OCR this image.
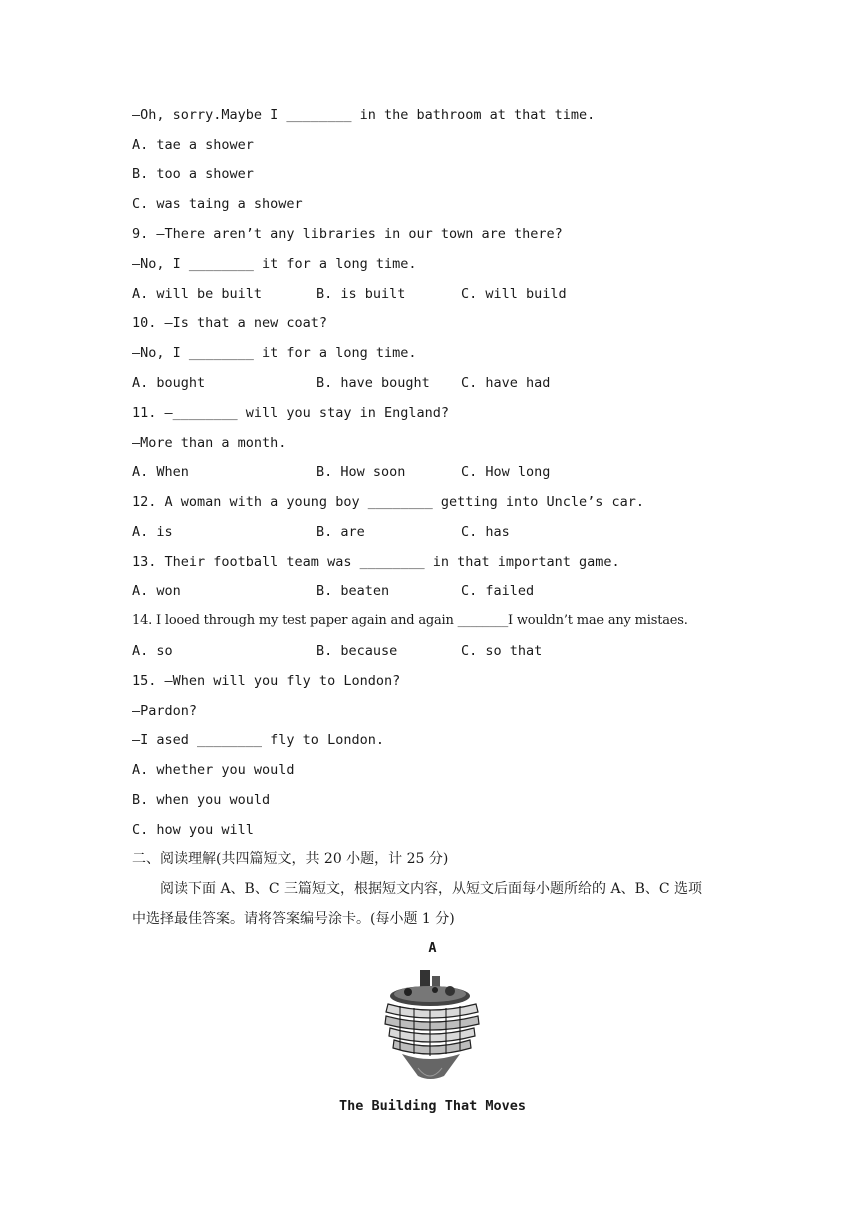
—Oh, sorry.Maybe I ________ in the bathroom at that time.
A. tae a shower
B. too a shower
C. was taing a shower
9. —There aren’t any libraries in our town are there?
—No, I ________ it for a long time.
A. will be built	B. is built	C. will build
10. —Is that a new coat?
—No, I ________ it for a long time.
A. bought	B. have bought C. have had
11. —________ will you stay in England?
—More than a month.
A. When	B. How soon	C. How long
12. A woman with a young boy ________ getting into Uncle’s car.
A. is	B. are	C. has
13. Their football team was ________ in that important game.
A. won	B. beaten	C. failed
14. I looed through my test paper again and again ________I wouldn’t mae any mistaes.
A. so	B. because	C. so that
15. —When will you fly to London?
—Pardon?
—I ased ________ fly to London.
A. whether you would
B. when you would
C. how you will
二、阅读理解(共四篇短文，共 20 小题，计 25 分)
阅读下面 A、B、C 三篇短文，根据短文内容，从短文后面每小题所给的 A、B、C 选项
中选择最佳答案。请将答案编号涂卡。(每小题 1 分)
A
The Building That Moves
